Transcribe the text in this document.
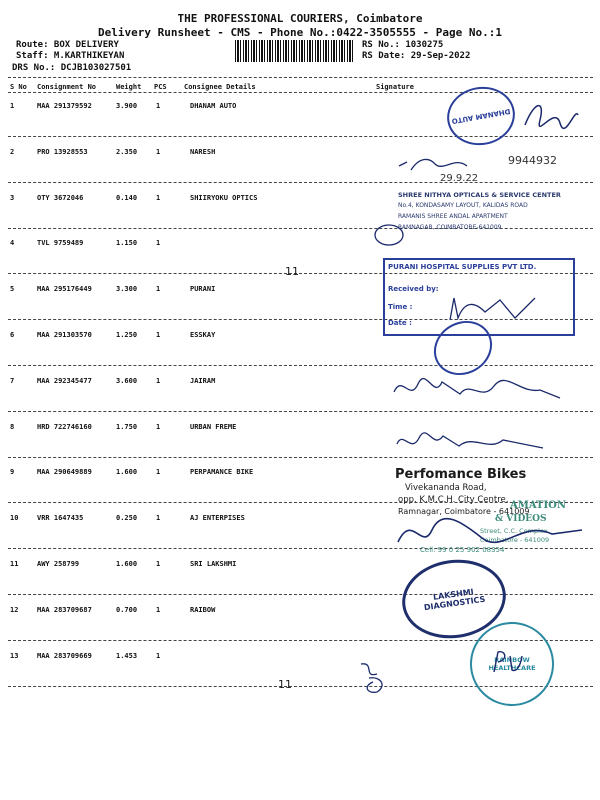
THE PROFESSIONAL COURIERS, Coimbatore
Delivery Runsheet - CMS - Phone No.:0422-3505555 - Page No.:1
Route: BOX DELIVERY
Staff: M.KARTHIKEYAN
DRS No.: DCJB103027501
RS No.: 1030275
RS Date: 29-Sep-2022
S No Consignment No	Weight PCS Consignee Details	Signature
1	MAA 291379592	3.900	1	DHANAM AUTO
2	PRO 13928553	2.350	1	NARESH
3	OTY 3672046	0.140	1	SHIIRYOKU OPTICS
4	TVL 9759489	1.150	1
5	MAA 295176449	3.300	1	PURANI
6	MAA 291303570	1.250	1	ESSKAY
7	MAA 292345477	3.600	1	JAIRAM
8	HRD 722746160	1.750	1	URBAN FREME
9	MAA 290649889	1.600	1	PERPAMANCE BIKE
10	VRR 1647435	0.250	1	AJ ENTERPISES
11	AWY 258799	1.600	1	SRI LAKSHMI
12	MAA 283709687	0.700	1	RAIBOW
13	MAA 283709669	1.453	1
DHANAM AUTO
9944932
29.9.22
SHREE NITHYA OPTICALS & SERVICE CENTER
No.4, KONDASAMY LAYOUT, KALIDAS ROAD
RAMANIS SHREE ANDAL APARTMENT
RAMNAGAR, COIMBATORE-641009
11	PURANI HOSPITAL SUPPLIES PVT LTD.
Received by:
Time :
Date :
Perfomance Bikes
Vivekananda Road,
opp. K.M.C.H. City Centre,
Ramnagar, Coimbatore - 641009
AMATION
& VIDEOS
Street, C.C. Complex
Coimbatore - 641009
Cell: 99 0 25 902 08354
LAKSHMI DIAGNOSTICS
RAINBOW HEALTHCARE
11
